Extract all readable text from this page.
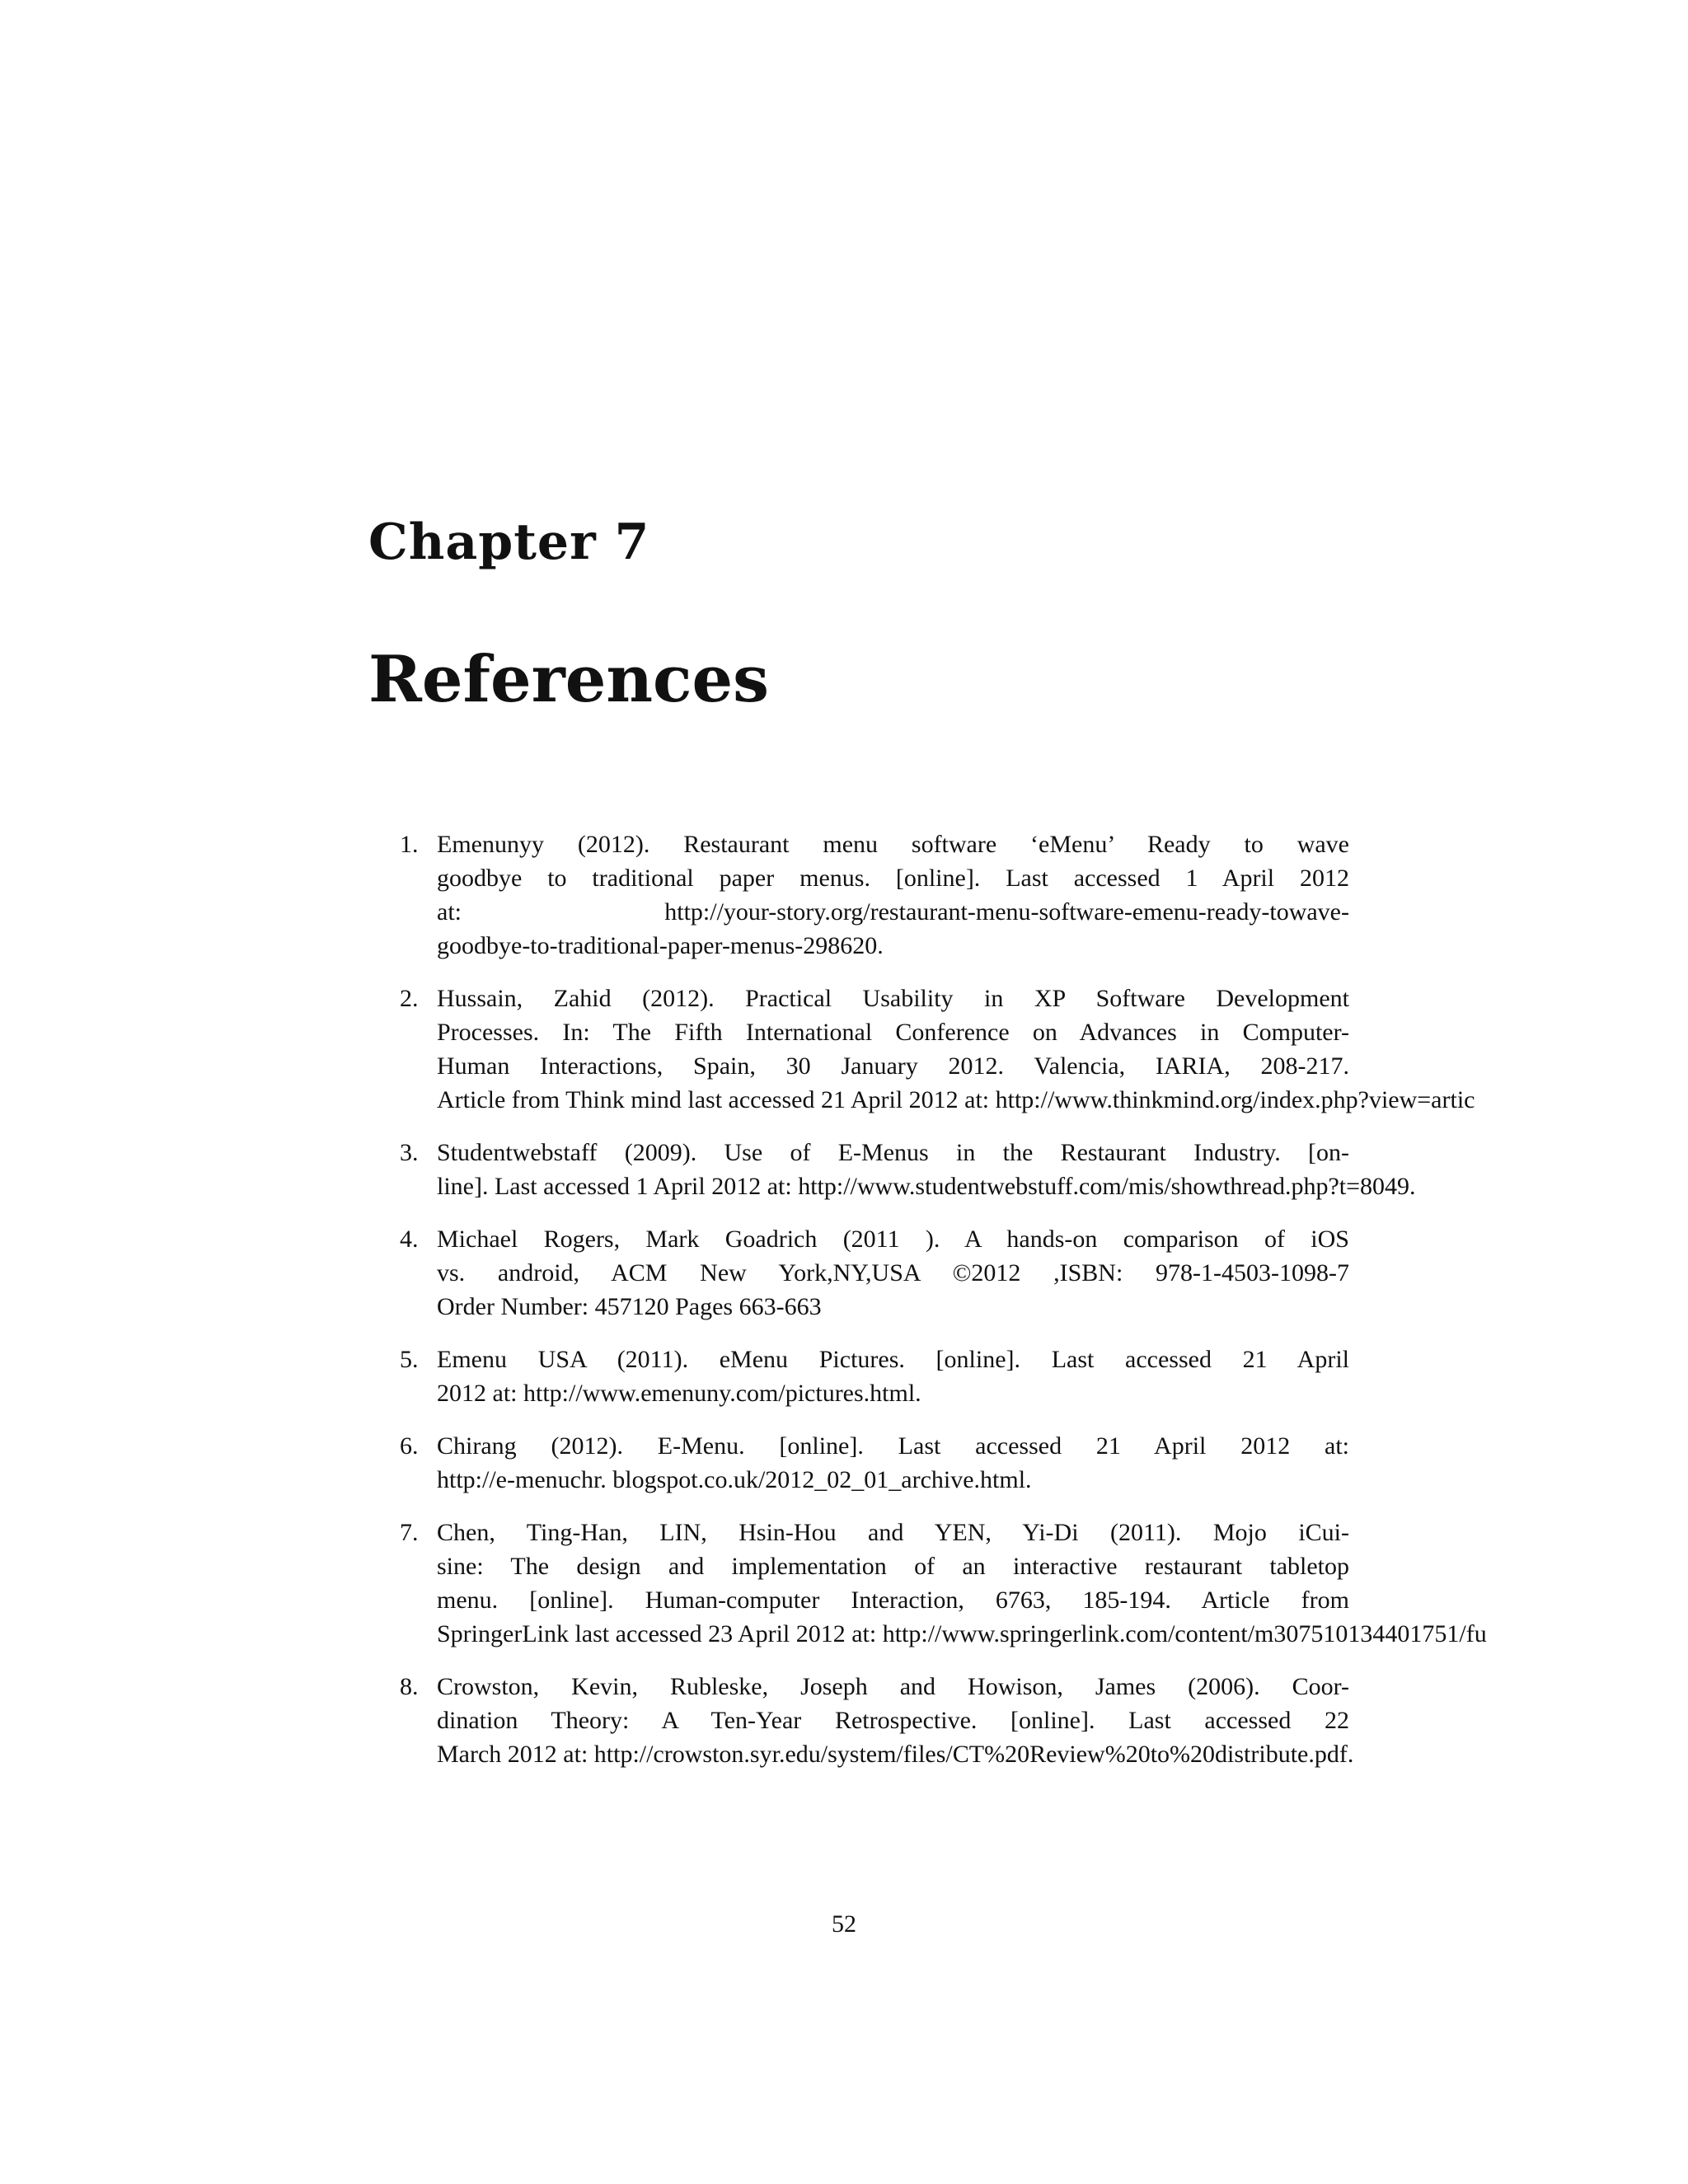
Chapter 7
References
1. Emenunyy (2012). Restaurant menu software ‘eMenu’ Ready to wave
goodbye to traditional paper menus. [online]. Last accessed 1 April 2012
at: http://your-story.org/restaurant-menu-software-emenu-ready-towave-
goodbye-to-traditional-paper-menus-298620.
2. Hussain, Zahid (2012). Practical Usability in XP Software Development
Processes. In: The Fifth International Conference on Advances in Computer-
Human Interactions, Spain, 30 January 2012. Valencia, IARIA, 208-217.
Article from Think mind last accessed 21 April 2012 at: http://www.thinkmind.org/index.php?view=artic
3. Studentwebstaff (2009). Use of E-Menus in the Restaurant Industry. [on-
line]. Last accessed 1 April 2012 at: http://www.studentwebstuff.com/mis/showthread.php?t=8049.
4. Michael Rogers, Mark Goadrich (2011 ). A hands-on comparison of iOS
vs. android, ACM New York,NY,USA ©2012 ,ISBN: 978-1-4503-1098-7
Order Number: 457120 Pages 663-663
5. Emenu USA (2011). eMenu Pictures. [online]. Last accessed 21 April
2012 at: http://www.emenuny.com/pictures.html.
6. Chirang (2012). E-Menu. [online]. Last accessed 21 April 2012 at:
http://e-menuchr. blogspot.co.uk/2012_02_01_archive.html.
7. Chen, Ting-Han, LIN, Hsin-Hou and YEN, Yi-Di (2011). Mojo iCui-
sine: The design and implementation of an interactive restaurant tabletop
menu. [online]. Human-computer Interaction, 6763, 185-194. Article from
SpringerLink last accessed 23 April 2012 at: http://www.springerlink.com/content/m307510134401751/fu
8. Crowston, Kevin, Rubleske, Joseph and Howison, James (2006). Coor-
dination Theory: A Ten-Year Retrospective. [online]. Last accessed 22
March 2012 at: http://crowston.syr.edu/system/files/CT%20Review%20to%20distribute.pdf.
52
